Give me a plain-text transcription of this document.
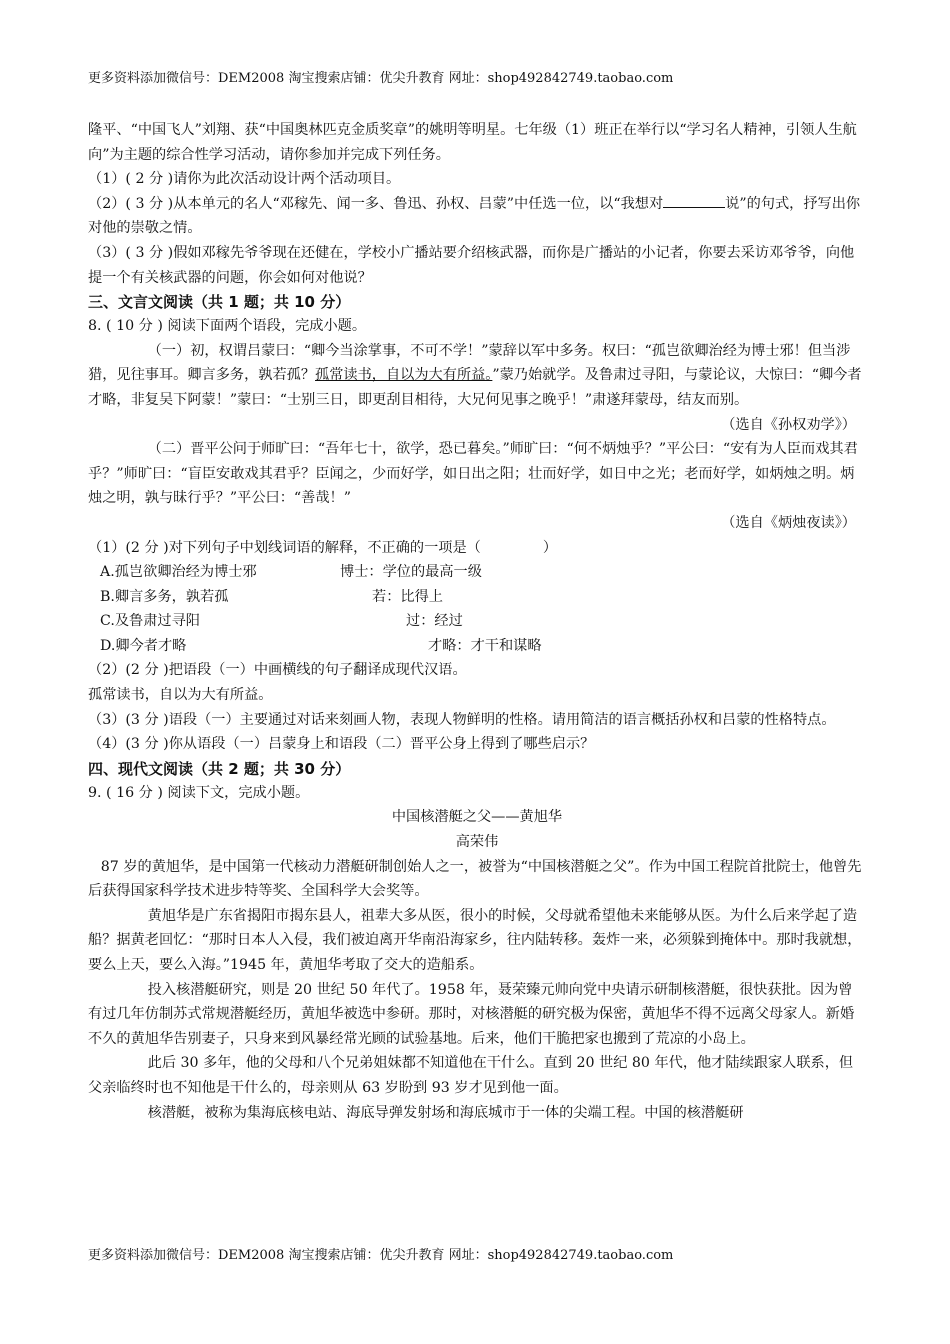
更多资料添加微信号：DEM2008 淘宝搜索店铺：优尖升教育 网址：shop492842749.taobao.com

隆平、“中国飞人”刘翔、获“中国奥林匹克金质奖章”的姚明等明星。七年级（1）班正在举行以“学习名人精神，引领人生航向”为主题的综合性学习活动，请你参加并完成下列任务。

（1）( 2 分 )请你为此次活动设计两个活动项目。

（2）( 3 分 )从本单元的名人“邓稼先、闻一多、鲁迅、孙权、吕蒙”中任选一位，以“我想对	说”的句式，抒写出你对他的崇敬之情。

（3）( 3 分 )假如邓稼先爷爷现在还健在，学校小广播站要介绍核武器，而你是广播站的小记者，你要去采访邓爷爷，向他提一个有关核武器的问题，你会如何对他说？

三、文言文阅读（共 1 题；共 10 分）

8. ( 10 分 ) 阅读下面两个语段，完成小题。

（一）初，权谓吕蒙曰：“卿今当涂掌事，不可不学！”蒙辞以军中多务。权曰：“孤岂欲卿治经为博士邪！但当涉猎，见往事耳。卿言多务，孰若孤？孤常读书，自以为大有所益。”蒙乃始就学。及鲁肃过寻阳，与蒙论议，大惊曰：“卿今者才略，非复吴下阿蒙！”蒙曰：“士别三日，即更刮目相待，大兄何见事之晚乎！”肃遂拜蒙母，结友而别。

（选自《孙权劝学》）

（二）晋平公问于师旷曰：“吾年七十，欲学，恐已暮矣。”师旷曰：“何不炳烛乎？”平公曰：“安有为人臣而戏其君乎？”师旷曰：“盲臣安敢戏其君乎？臣闻之，少而好学，如日出之阳；壮而好学，如日中之光；老而好学，如炳烛之明。炳烛之明，孰与昧行乎？”平公曰：“善哉！”

（选自《炳烛夜读》）

（1）(2 分 )对下列句子中划线词语的解释，不正确的一项是（	）

A.孤岂欲卿治经为博士邪	博士：学位的最高一级
B.卿言多务，孰若孤	若：比得上
C.及鲁肃过寻阳	过：经过
D.卿今者才略	才略：才干和谋略

（2）(2 分 )把语段（一）中画横线的句子翻译成现代汉语。

孤常读书，自以为大有所益。

（3）(3 分 )语段（一）主要通过对话来刻画人物，表现人物鲜明的性格。请用简洁的语言概括孙权和吕蒙的性格特点。

（4）(3 分 )你从语段（一）吕蒙身上和语段（二）晋平公身上得到了哪些启示？

四、现代文阅读（共 2 题；共 30 分）

9. ( 16 分 ) 阅读下文，完成小题。

中国核潜艇之父——黄旭华

高荣伟

87 岁的黄旭华，是中国第一代核动力潜艇研制创始人之一，被誉为“中国核潜艇之父”。作为中国工程院首批院士，他曾先后获得国家科学技术进步特等奖、全国科学大会奖等。

黄旭华是广东省揭阳市揭东县人，祖辈大多从医，很小的时候，父母就希望他未来能够从医。为什么后来学起了造船？据黄老回忆：“那时日本人入侵，我们被迫离开华南沿海家乡，往内陆转移。轰炸一来，必须躲到掩体中。那时我就想，要么上天，要么入海。”1945 年，黄旭华考取了交大的造船系。

投入核潜艇研究，则是 20 世纪 50 年代了。1958 年，聂荣臻元帅向党中央请示研制核潜艇，很快获批。因为曾有过几年仿制苏式常规潜艇经历，黄旭华被选中参研。那时，对核潜艇的研究极为保密，黄旭华不得不远离父母家人。新婚不久的黄旭华告别妻子，只身来到风暴经常光顾的试验基地。后来，他们干脆把家也搬到了荒凉的小岛上。

此后 30 多年，他的父母和八个兄弟姐妹都不知道他在干什么。直到 20 世纪 80 年代，他才陆续跟家人联系，但父亲临终时也不知他是干什么的，母亲则从 63 岁盼到 93 岁才见到他一面。

核潜艇，被称为集海底核电站、海底导弹发射场和海底城市于一体的尖端工程。中国的核潜艇研

更多资料添加微信号：DEM2008 淘宝搜索店铺：优尖升教育 网址：shop492842749.taobao.com
